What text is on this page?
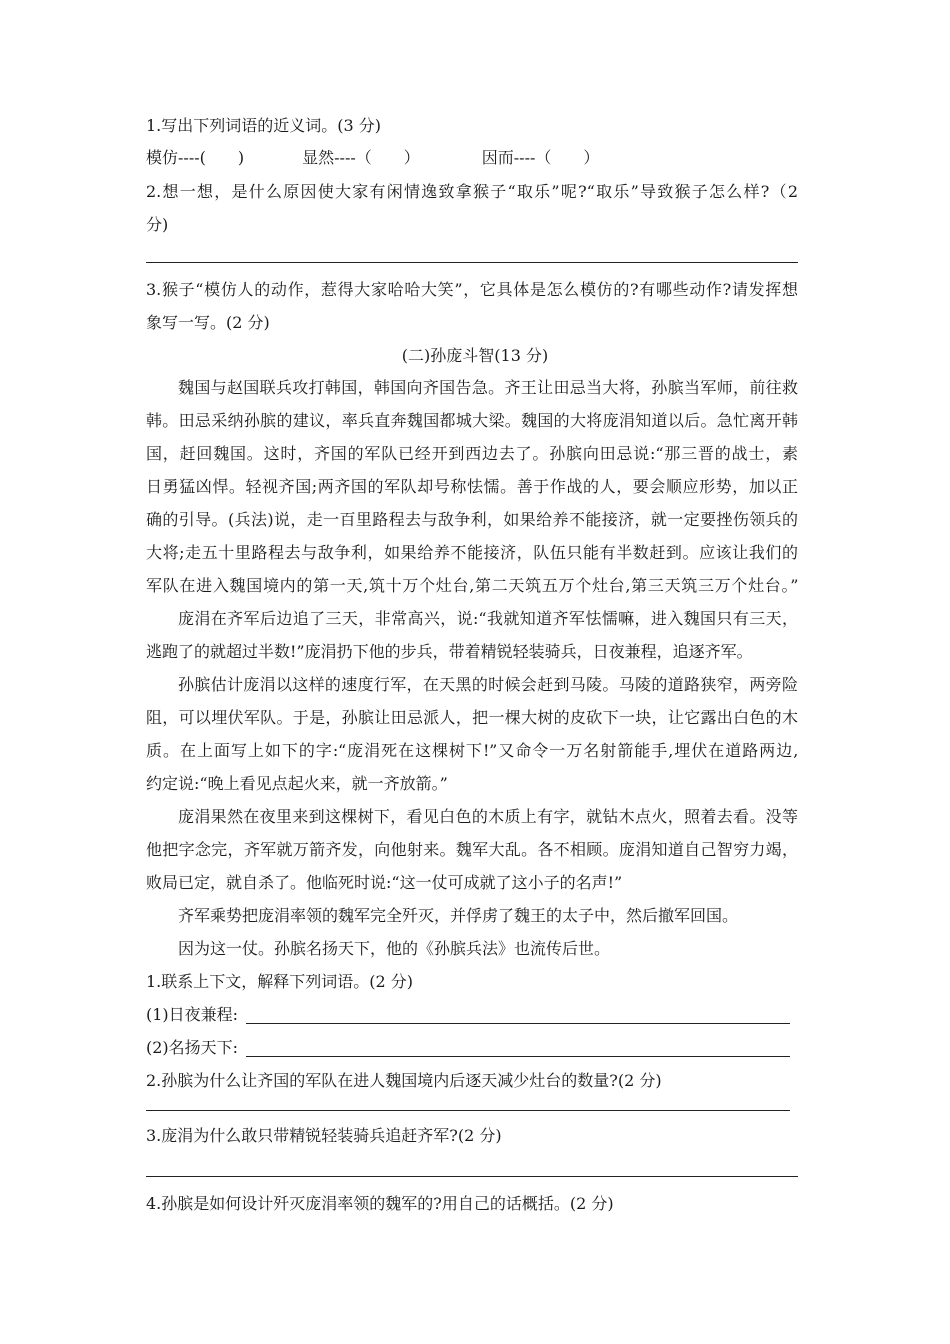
1.写出下列词语的近义词。(3 分)
模仿----(　　)	显然----（　　）	因而----（　　）
2.想一想，是什么原因使大家有闲情逸致拿猴子“取乐”呢?“取乐”导致猴子怎么样?（2
分)
3.猴子“模仿人的动作，惹得大家哈哈大笑”，它具体是怎么模仿的?有哪些动作?请发挥想
象写一写。(2 分)
(二)孙庞斗智(13 分)
魏国与赵国联兵攻打韩国，韩国向齐国告急。齐王让田忌当大将，孙膑当军师，前往救
韩。田忌采纳孙膑的建议，率兵直奔魏国都城大梁。魏国的大将庞涓知道以后。急忙离开韩
国，赶回魏国。这时，齐国的军队已经开到西边去了。孙膑向田忌说:“那三晋的战士，素
日勇猛凶悍。轻视齐国;两齐国的军队却号称怯懦。善于作战的人，要会顺应形势，加以正
确的引导。(兵法)说，走一百里路程去与敌争利，如果给养不能接济，就一定要挫伤领兵的
大将;走五十里路程去与敌争利，如果给养不能接济，队伍只能有半数赶到。应该让我们的
军队在进入魏国境内的第一天,筑十万个灶台,第二天筑五万个灶台,第三天筑三万个灶台。”
庞涓在齐军后边追了三天，非常高兴，说:“我就知道齐军怯懦嘛，进入魏国只有三天，
逃跑了的就超过半数!”庞涓扔下他的步兵，带着精锐轻装骑兵，日夜兼程，追逐齐军。
孙膑估计庞涓以这样的速度行军，在天黑的时候会赶到马陵。马陵的道路狭窄，两旁险
阻，可以埋伏军队。于是，孙膑让田忌派人，把一棵大树的皮砍下一块，让它露出白色的木
质。在上面写上如下的字:“庞涓死在这棵树下!”又命令一万名射箭能手,埋伏在道路两边,
约定说:“晚上看见点起火来，就一齐放箭。”
庞涓果然在夜里来到这棵树下，看见白色的木质上有字，就钻木点火，照着去看。没等
他把字念完，齐军就万箭齐发，向他射来。魏军大乱。各不相顾。庞涓知道自己智穷力竭，
败局已定，就自杀了。他临死时说:“这一仗可成就了这小子的名声!”
齐军乘势把庞涓率领的魏军完全歼灭，并俘虏了魏王的太子中，然后撤军回国。
因为这一仗。孙膑名扬天下，他的《孙膑兵法》也流传后世。
1.联系上下文，解释下列词语。(2 分)
(1)日夜兼程:
(2)名扬天下:
2.孙膑为什么让齐国的军队在进人魏国境内后逐天减少灶台的数量?(2 分)
3.庞涓为什么敢只带精锐轻装骑兵追赶齐军?(2 分)
4.孙膑是如何设计歼灭庞涓率领的魏军的?用自己的话概括。(2 分)
